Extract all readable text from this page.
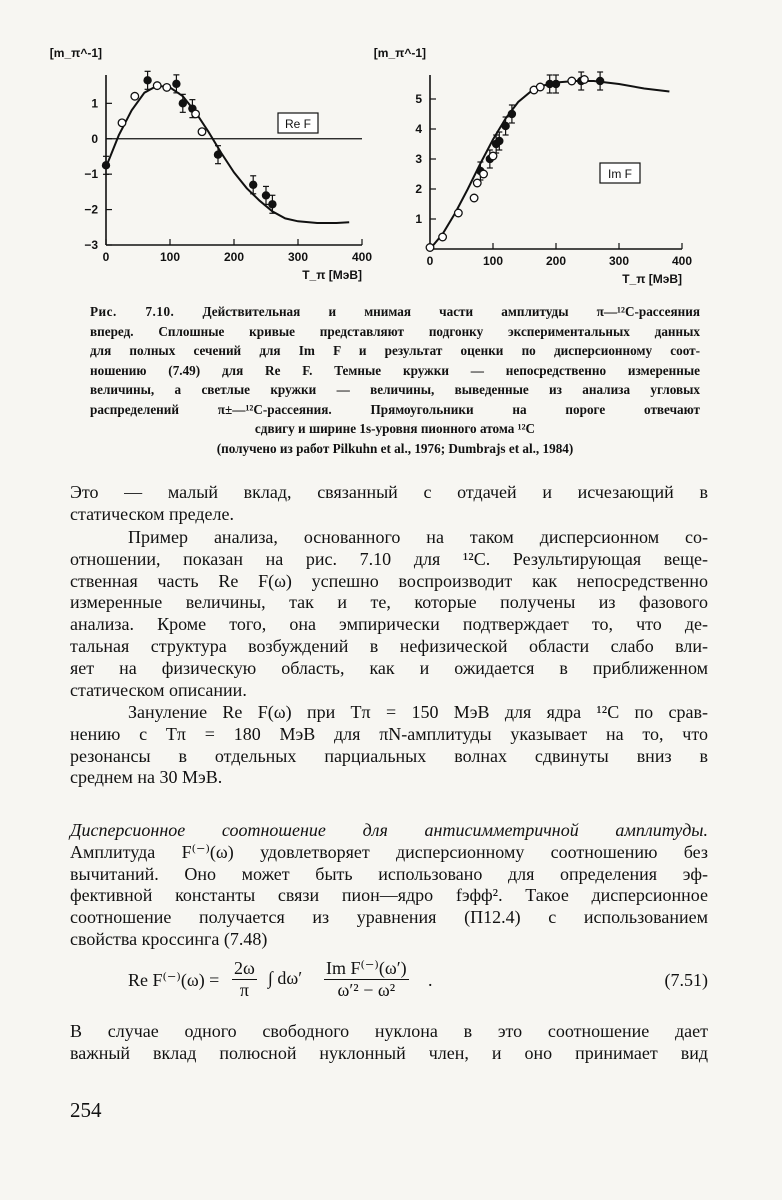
0	100	200	300	400
1
0
−1
−2
−3
[m_π^-1]
T_π [МэВ]
Re F
0	100	200	300	400
5
4
3
2
1
[m_π^-1]
T_π [МэВ]
Im F
Рис. 7.10. Действительная и мнимая части амплитуды π—¹²C-рассеяния
вперед. Сплошные кривые представляют подгонку экспериментальных данных
для полных сечений для Im F и результат оценки по дисперсионному соот-
ношению (7.49) для Re F. Темные кружки — непосредственно измеренные
величины, а светлые кружки — величины, выведенные из анализа угловых
распределений π±—¹²C-рассеяния. Прямоугольники на пороге отвечают
сдвигу и ширине 1s-уровня пионного атома ¹²C
(получено из работ Pilkuhn et al., 1976; Dumbrajs et al., 1984)
Это — малый вклад, связанный с отдачей и исчезающий в
статическом пределе.
Пример анализа, основанного на таком дисперсионном со-
отношении, показан на рис. 7.10 для ¹²C. Результирующая веще-
ственная часть Re F(ω) успешно воспроизводит как непосредственно
измеренные величины, так и те, которые получены из фазового
анализа. Кроме того, она эмпирически подтверждает то, что де-
тальная структура возбуждений в нефизической области слабо вли-
яет на физическую область, как и ожидается в приближенном
статическом описании.
Зануление Re F(ω) при Tπ = 150 МэВ для ядра ¹²C по срав-
нению с Tπ = 180 МэВ для πN-амплитуды указывает на то, что
резонансы в отдельных парциальных волнах сдвинуты вниз в
среднем на 30 МэВ.
Дисперсионное соотношение для антисимметричной амплитуды.
Амплитуда F⁽⁻⁾(ω) удовлетворяет дисперсионному соотношению без
вычитаний. Оно может быть использовано для определения эф-
фективной константы связи пион—ядро fэфф². Такое дисперсионное
соотношение получается из уравнения (П12.4) с использованием
свойства кроссинга (7.48)
Re $F^{(-)}(\omega) = \frac{2\omega}{\pi}$ ∫ $d\omega' \frac{\text{Im F⁽⁻⁾(ω′)}}{\text{ω′² − ω²}}$ .	(7.51)
В случае одного свободного нуклона в это соотношение дает
важный вклад полюсной нуклонный член, и оно принимает вид
254
